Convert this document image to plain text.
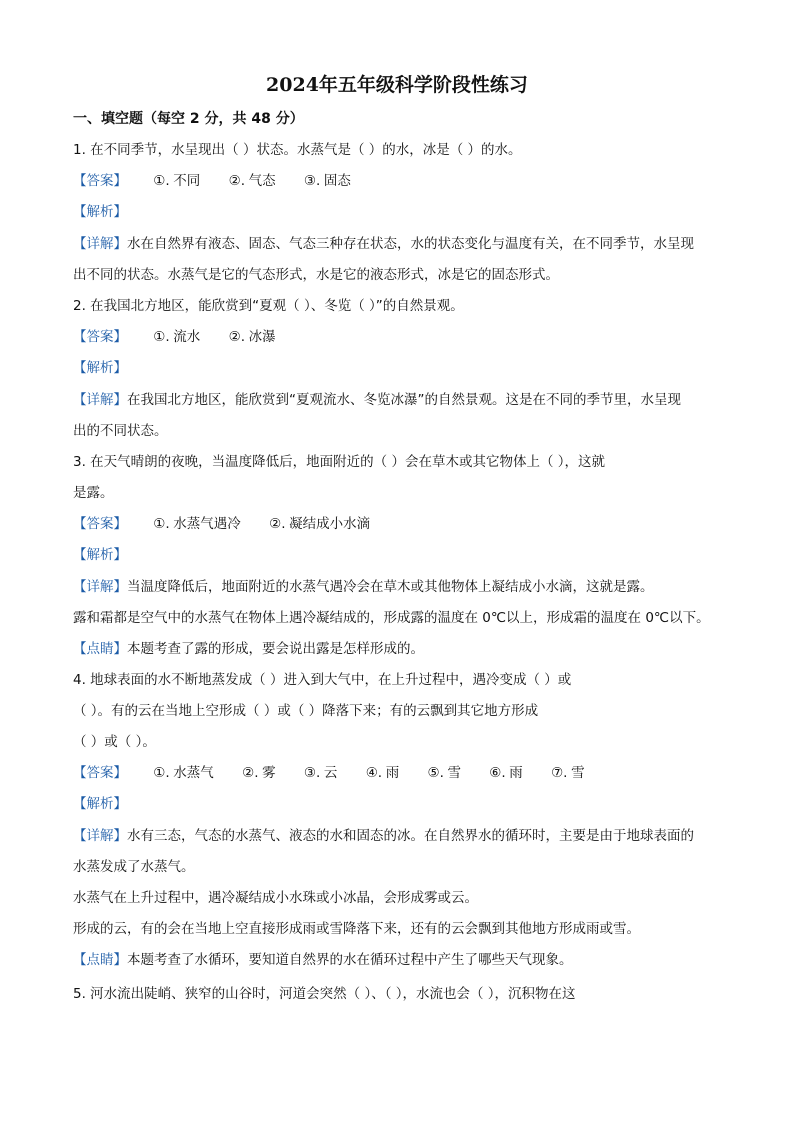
2024年五年级科学阶段性练习
一、填空题（每空 2 分，共 48 分）
1. 在不同季节，水呈现出（ ）状态。水蒸气是（ ）的水，冰是（ ）的水。
【答案】 ①. 不同 ②. 气态 ③. 固态
【解析】
【详解】水在自然界有液态、固态、气态三种存在状态，水的状态变化与温度有关，在不同季节，水呈现
出不同的状态。水蒸气是它的气态形式，水是它的液态形式，冰是它的固态形式。
2. 在我国北方地区，能欣赏到“夏观（ ）、冬览（ ）”的自然景观。
【答案】 ①. 流水 ②. 冰瀑
【解析】
【详解】在我国北方地区，能欣赏到“夏观流水、冬览冰瀑”的自然景观。这是在不同的季节里，水呈现
出的不同状态。
3. 在天气晴朗的夜晚，当温度降低后，地面附近的（ ）会在草木或其它物体上（ ），这就
是露。
【答案】 ①. 水蒸气遇冷 ②. 凝结成小水滴
【解析】
【详解】当温度降低后，地面附近的水蒸气遇冷会在草木或其他物体上凝结成小水滴，这就是露。
露和霜都是空气中的水蒸气在物体上遇冷凝结成的，形成露的温度在 0℃以上，形成霜的温度在 0℃以下。
【点睛】本题考查了露的形成，要会说出露是怎样形成的。
4. 地球表面的水不断地蒸发成（ ）进入到大气中，在上升过程中，遇冷变成（ ）或
（ ）。有的云在当地上空形成（ ）或（ ）降落下来；有的云飘到其它地方形成
（ ）或（ ）。
【答案】 ①. 水蒸气 ②. 雾 ③. 云 ④. 雨 ⑤. 雪 ⑥. 雨 ⑦. 雪
【解析】
【详解】水有三态，气态的水蒸气、液态的水和固态的冰。在自然界水的循环时，主要是由于地球表面的
水蒸发成了水蒸气。
水蒸气在上升过程中，遇冷凝结成小水珠或小冰晶，会形成雾或云。
形成的云，有的会在当地上空直接形成雨或雪降落下来，还有的云会飘到其他地方形成雨或雪。
【点睛】本题考查了水循环，要知道自然界的水在循环过程中产生了哪些天气现象。
5. 河水流出陡峭、狭窄的山谷时，河道会突然（ ）、（ ），水流也会（ ），沉积物在这
